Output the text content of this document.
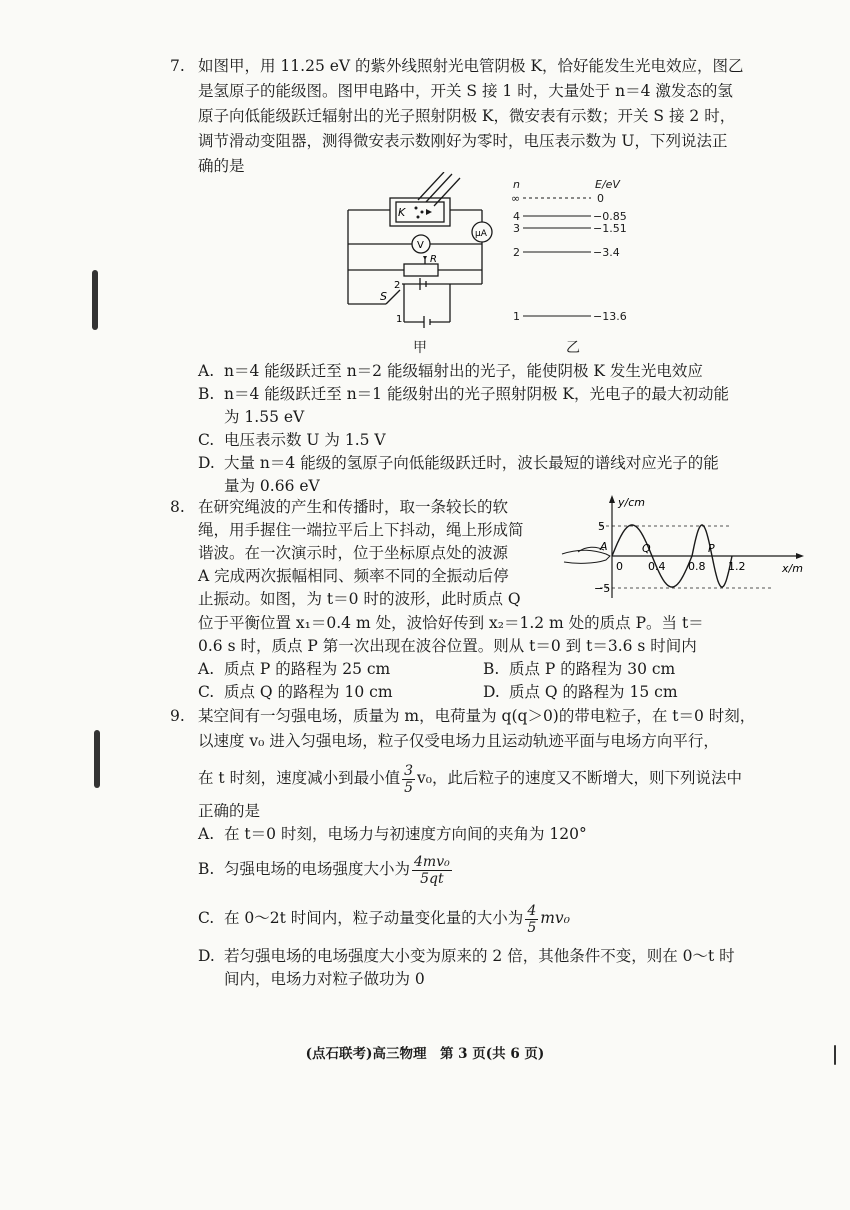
7. 如图甲，用 11.25 eV 的紫外线照射光电管阴极 K，恰好能发生光电效应，图乙
是氢原子的能级图。图甲电路中，开关 S 接 1 时，大量处于 n＝4 激发态的氢
原子向低能级跃迁辐射出的光子照射阴极 K，微安表有示数；开关 S 接 2 时，
调节滑动变阻器，测得微安表示数刚好为零时，电压表示数为 U，下列说法正
确的是
K
μA
V
R
S
2
1
甲
n	E/eV
∞	0
4	−0.85
3	−1.51
2	−3.4
1	−13.6
乙
A. n＝4 能级跃迁至 n＝2 能级辐射出的光子，能使阴极 K 发生光电效应
B. n＝4 能级跃迁至 n＝1 能级射出的光子照射阴极 K，光电子的最大初动能
为 1.55 eV
C. 电压表示数 U 为 1.5 V
D. 大量 n＝4 能级的氢原子向低能级跃迁时，波长最短的谱线对应光子的能
量为 0.66 eV
8. 在研究绳波的产生和传播时，取一条较长的软
绳，用手握住一端拉平后上下抖动，绳上形成简
谐波。在一次演示时，位于坐标原点处的波源
A 完成两次振幅相同、频率不同的全振动后停
止振动。如图，为 t＝0 时的波形，此时质点 Q
位于平衡位置 x₁＝0.4 m 处，波恰好传到 x₂＝1.2 m 处的质点 P。当 t＝
0.6 s 时，质点 P 第一次出现在波谷位置。则从 t＝0 到 t＝3.6 s 时间内
5
−5
0 0.4 0.8 1.2
y/cm
x/m
A	Q	P
A. 质点 P 的路程为 25 cm	B. 质点 P 的路程为 30 cm
C. 质点 Q 的路程为 10 cm	D. 质点 Q 的路程为 15 cm
9. 某空间有一匀强电场，质量为 m，电荷量为 q(q＞0)的带电粒子，在 t＝0 时刻，
以速度 v₀ 进入匀强电场，粒子仅受电场力且运动轨迹平面与电场方向平行，
在 t 时刻，速度减小到最小值 $\frac{3}{5} v_0$，此后粒子的速度又不断增大，则下列说法中
正确的是
A. 在 t＝0 时刻，电场力与初速度方向间的夹角为 120°
B. 匀强电场的电场强度大小为 $\frac{\text{4mv₀}}{5qt}$
C. 在 0～2t 时间内，粒子动量变化量的大小为 $\frac{4}{5} mv_0$
D. 若匀强电场的电场强度大小变为原来的 2 倍，其他条件不变，则在 0～t 时
间内，电场力对粒子做功为 0
(点石联考)高三物理　第 3 页(共 6 页)
